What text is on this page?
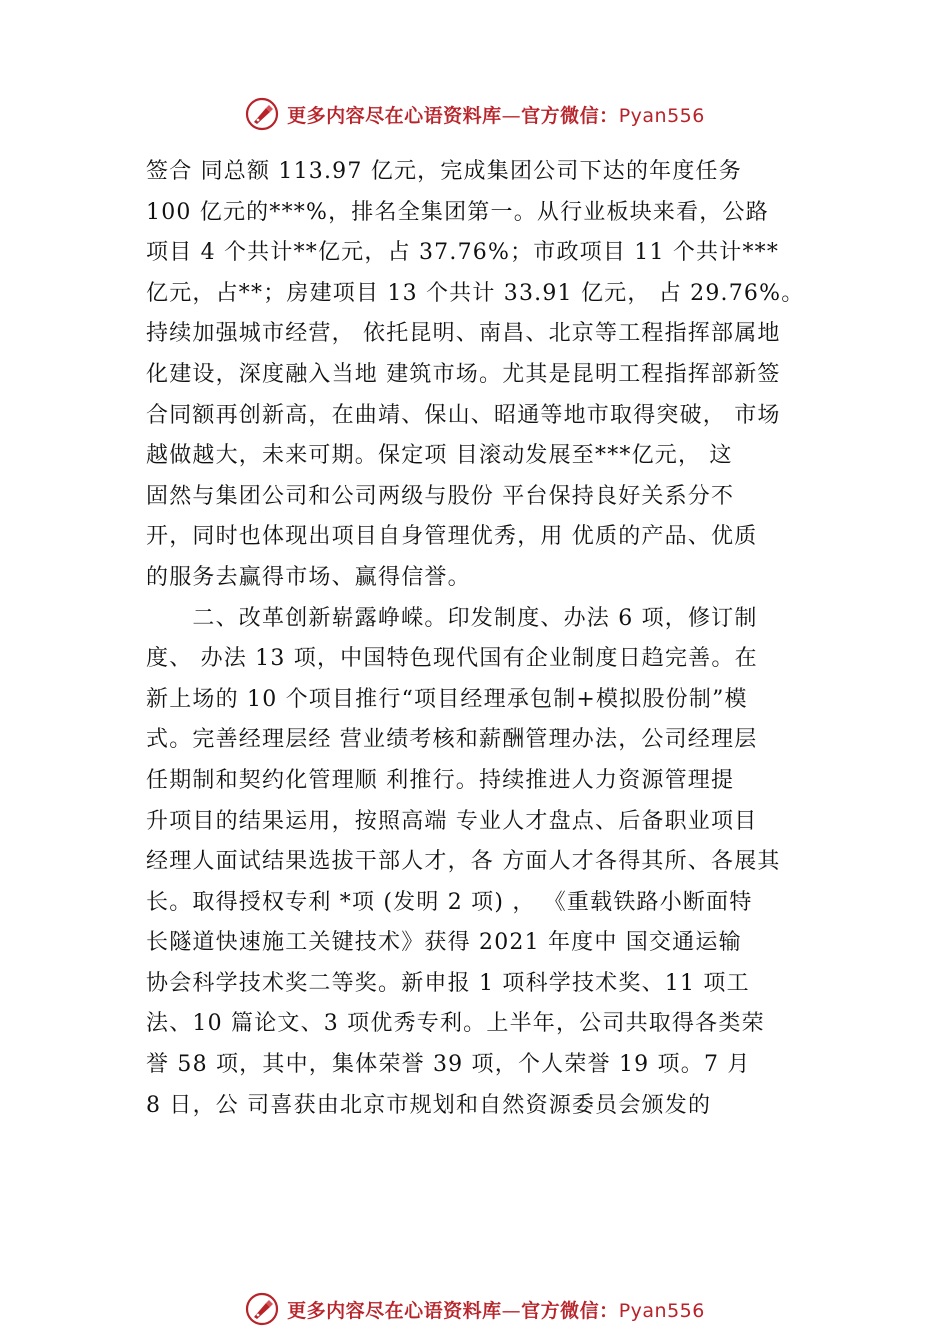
更多内容尽在心语资料库—官方微信：Pyan556
签合 同总额 113.97 亿元，完成集团公司下达的年度任务
100 亿元的***%，排名全集团第一。从行业板块来看，公路
项目 4 个共计**亿元，占 37.76%；市政项目 11 个共计***
亿元，占**；房建项目 13 个共计 33.91 亿元， 占 29.76%。
持续加强城市经营， 依托昆明、南昌、北京等工程指挥部属地
化建设，深度融入当地 建筑市场。尤其是昆明工程指挥部新签
合同额再创新高，在曲靖、保山、昭通等地市取得突破， 市场
越做越大，未来可期。保定项 目滚动发展至***亿元， 这
固然与集团公司和公司两级与股份 平台保持良好关系分不
开，同时也体现出项目自身管理优秀，用 优质的产品、优质
的服务去赢得市场、赢得信誉。
　　二、改革创新崭露峥嵘。印发制度、办法 6 项，修订制
度、 办法 13 项，中国特色现代国有企业制度日趋完善。在
新上场的 10 个项目推行“项目经理承包制+模拟股份制”模
式。完善经理层经 营业绩考核和薪酬管理办法，公司经理层
任期制和契约化管理顺 利推行。持续推进人力资源管理提
升项目的结果运用，按照高端 专业人才盘点、后备职业项目
经理人面试结果选拔干部人才，各 方面人才各得其所、各展其
长。取得授权专利 *项 (发明 2 项) ， 《重载铁路小断面特
长隧道快速施工关键技术》获得 2021 年度中 国交通运输
协会科学技术奖二等奖。新申报 1 项科学技术奖、11 项工
法、10 篇论文、3 项优秀专利。上半年，公司共取得各类荣
誉 58 项，其中，集体荣誉 39 项，个人荣誉 19 项。7 月
8 日，公 司喜获由北京市规划和自然资源委员会颁发的
更多内容尽在心语资料库—官方微信：Pyan556
